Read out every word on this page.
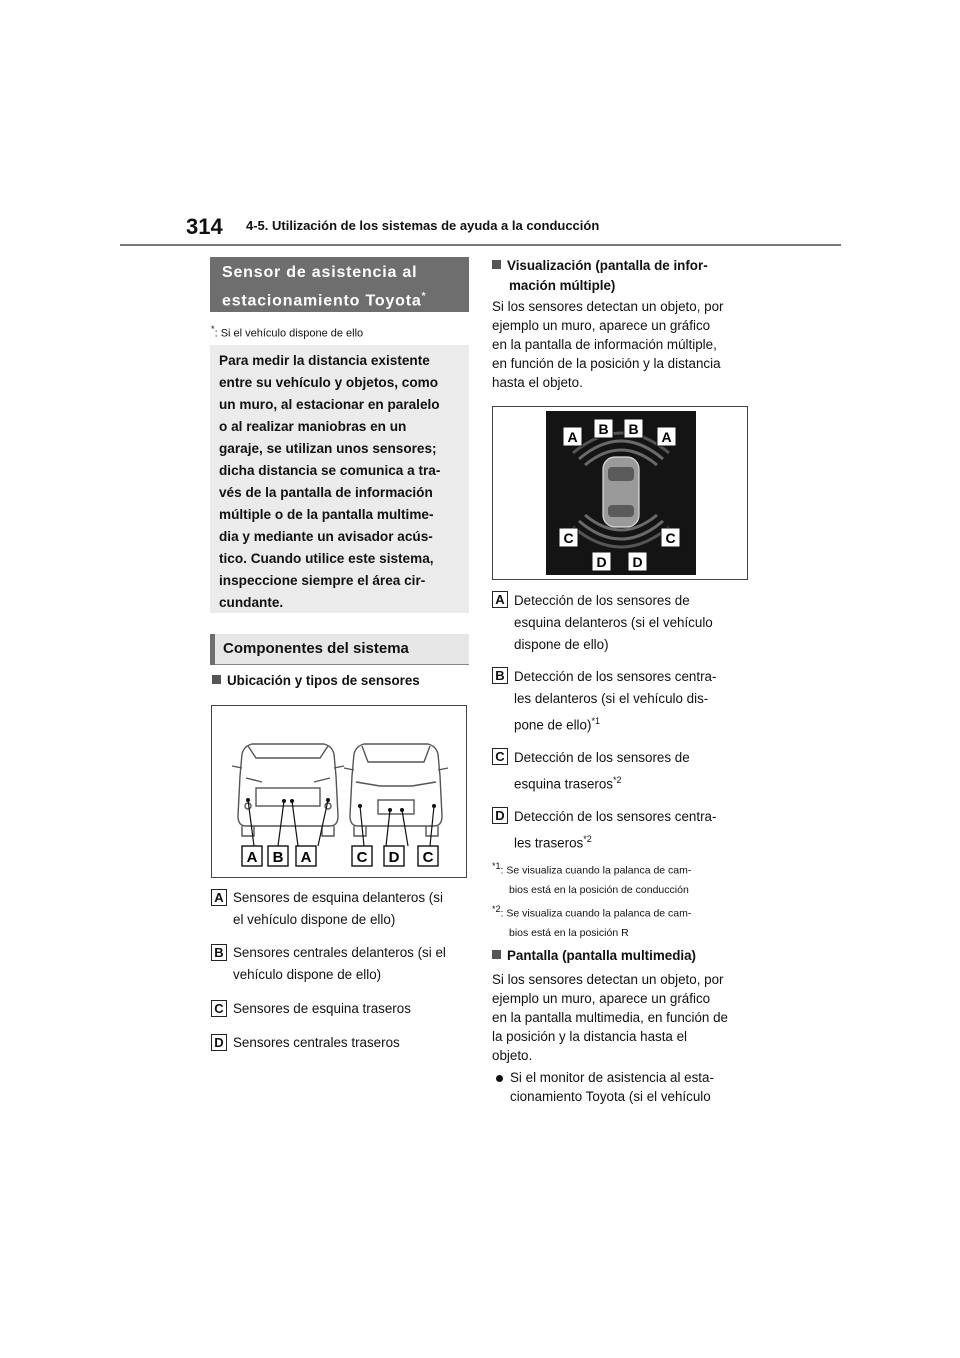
314 4-5. Utilización de los sistemas de ayuda a la conducción
Sensor de asistencia al
estacionamiento Toyota*
*: Si el vehículo dispone de ello
Para medir la distancia existente
entre su vehículo y objetos, como
un muro, al estacionar en paralelo
o al realizar maniobras en un
garaje, se utilizan unos sensores;
dicha distancia se comunica a tra-
vés de la pantalla de información
múltiple o de la pantalla multime-
dia y mediante un avisador acús-
tico. Cuando utilice este sistema,
inspeccione siempre el área cir-
cundante.
Componentes del sistema
Ubicación y tipos de sensores
A B A	C D C
A Sensores de esquina delanteros (si
el vehículo dispone de ello)
B Sensores centrales delanteros (si el
vehículo dispone de ello)
C Sensores de esquina traseros
D Sensores centrales traseros
Visualización (pantalla de infor-
mación múltiple)
Si los sensores detectan un objeto, por
ejemplo un muro, aparece un gráfico
en la pantalla de información múltiple,
en función de la posición y la distancia
hasta el objeto.
A B B A
C	C
D D
A Detección de los sensores de
esquina delanteros (si el vehículo
dispone de ello)
B Detección de los sensores centra-
les delanteros (si el vehículo dis-
pone de ello)$^{*1}$
C Detección de los sensores de
esquina traseros$^{*2}$
D Detección de los sensores centra-
les traseros$^{*2}$
$^{*1}$: Se visualiza cuando la palanca de cam-
bios está en la posición de conducción
$^{*2}$: Se visualiza cuando la palanca de cam-
bios está en la posición R
Pantalla (pantalla multimedia)
Si los sensores detectan un objeto, por
ejemplo un muro, aparece un gráfico
en la pantalla multimedia, en función de
la posición y la distancia hasta el
objeto.
Si el monitor de asistencia al esta-
cionamiento Toyota (si el vehículo
